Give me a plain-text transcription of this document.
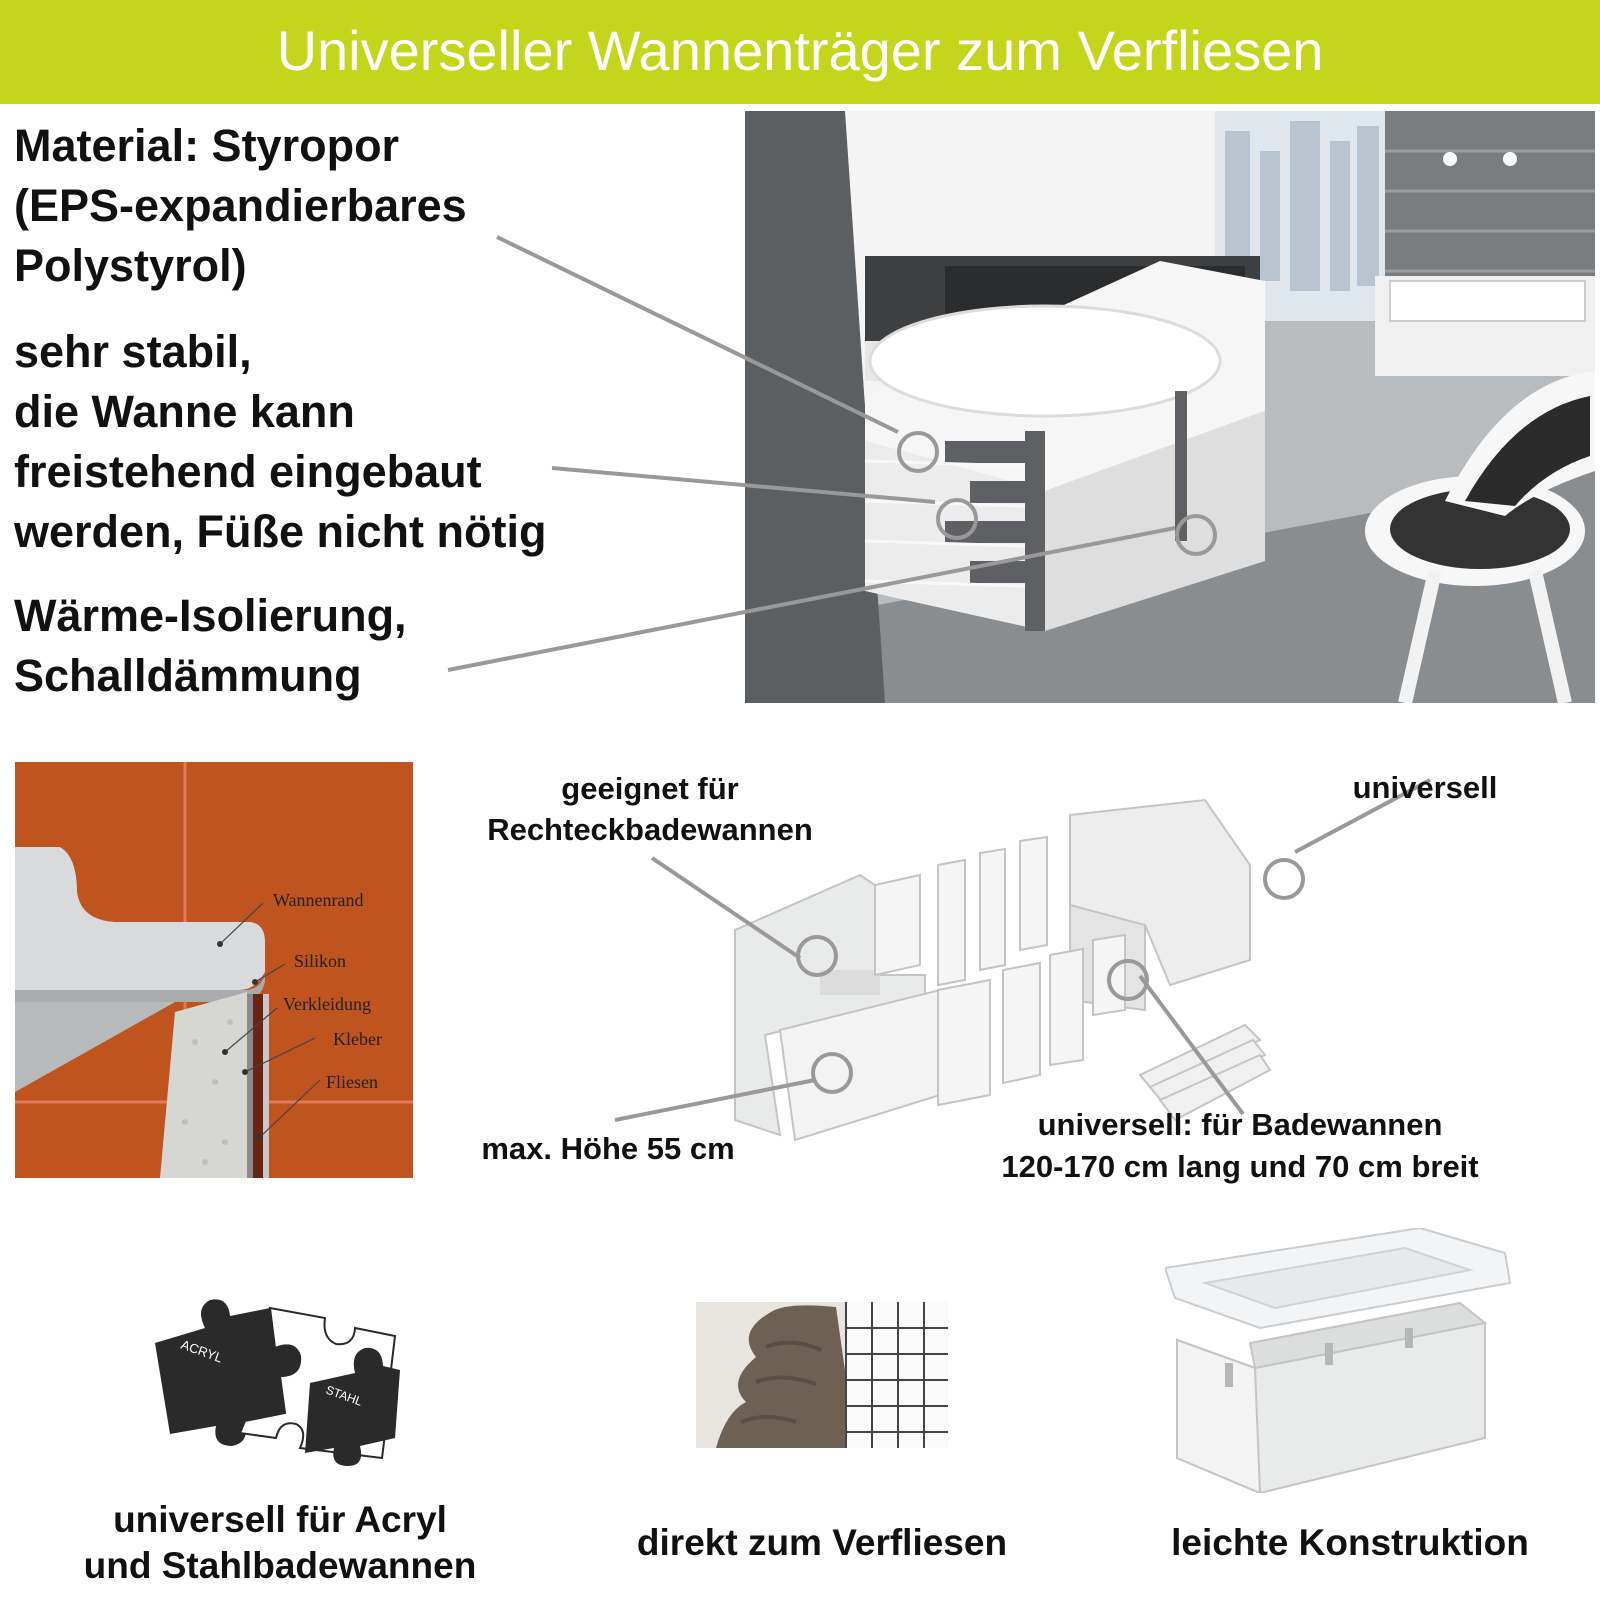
Universeller Wannenträger zum Verfliesen
Material: Styropor
(EPS-expandierbares
Polystyrol)
sehr stabil,
die Wanne kann
freistehend eingebaut
werden, Füße nicht nötig
Wärme-Isolierung,
Schalldämmung
Wannenrand
Silikon
Verkleidung
Kleber
Fliesen
geeignet für
Rechteckbadewannen
universell
max. Höhe 55 cm
universell: für Badewannen
120-170 cm lang und 70 cm breit
ACRYL
STAHL
universell für Acryl
und Stahlbadewannen
direkt zum Verfliesen	leichte Konstruktion
